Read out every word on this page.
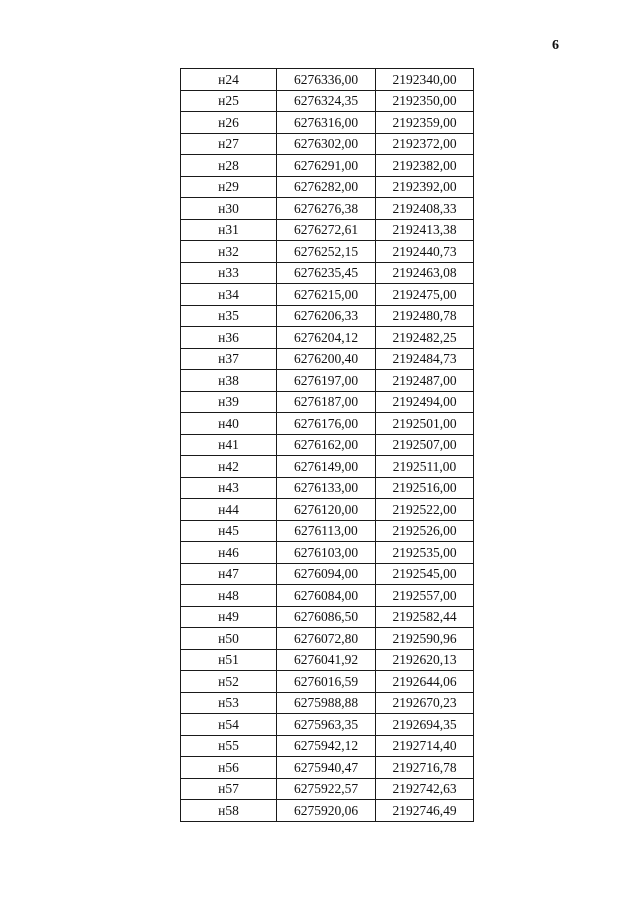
6
н24	6276336,00	2192340,00
н25	6276324,35	2192350,00
н26	6276316,00	2192359,00
н27	6276302,00	2192372,00
н28	6276291,00	2192382,00
н29	6276282,00	2192392,00
н30	6276276,38	2192408,33
н31	6276272,61	2192413,38
н32	6276252,15	2192440,73
н33	6276235,45	2192463,08
н34	6276215,00	2192475,00
н35	6276206,33	2192480,78
н36	6276204,12	2192482,25
н37	6276200,40	2192484,73
н38	6276197,00	2192487,00
н39	6276187,00	2192494,00
н40	6276176,00	2192501,00
н41	6276162,00	2192507,00
н42	6276149,00	2192511,00
н43	6276133,00	2192516,00
н44	6276120,00	2192522,00
н45	6276113,00	2192526,00
н46	6276103,00	2192535,00
н47	6276094,00	2192545,00
н48	6276084,00	2192557,00
н49	6276086,50	2192582,44
н50	6276072,80	2192590,96
н51	6276041,92	2192620,13
н52	6276016,59	2192644,06
н53	6275988,88	2192670,23
н54	6275963,35	2192694,35
н55	6275942,12	2192714,40
н56	6275940,47	2192716,78
н57	6275922,57	2192742,63
н58	6275920,06	2192746,49
